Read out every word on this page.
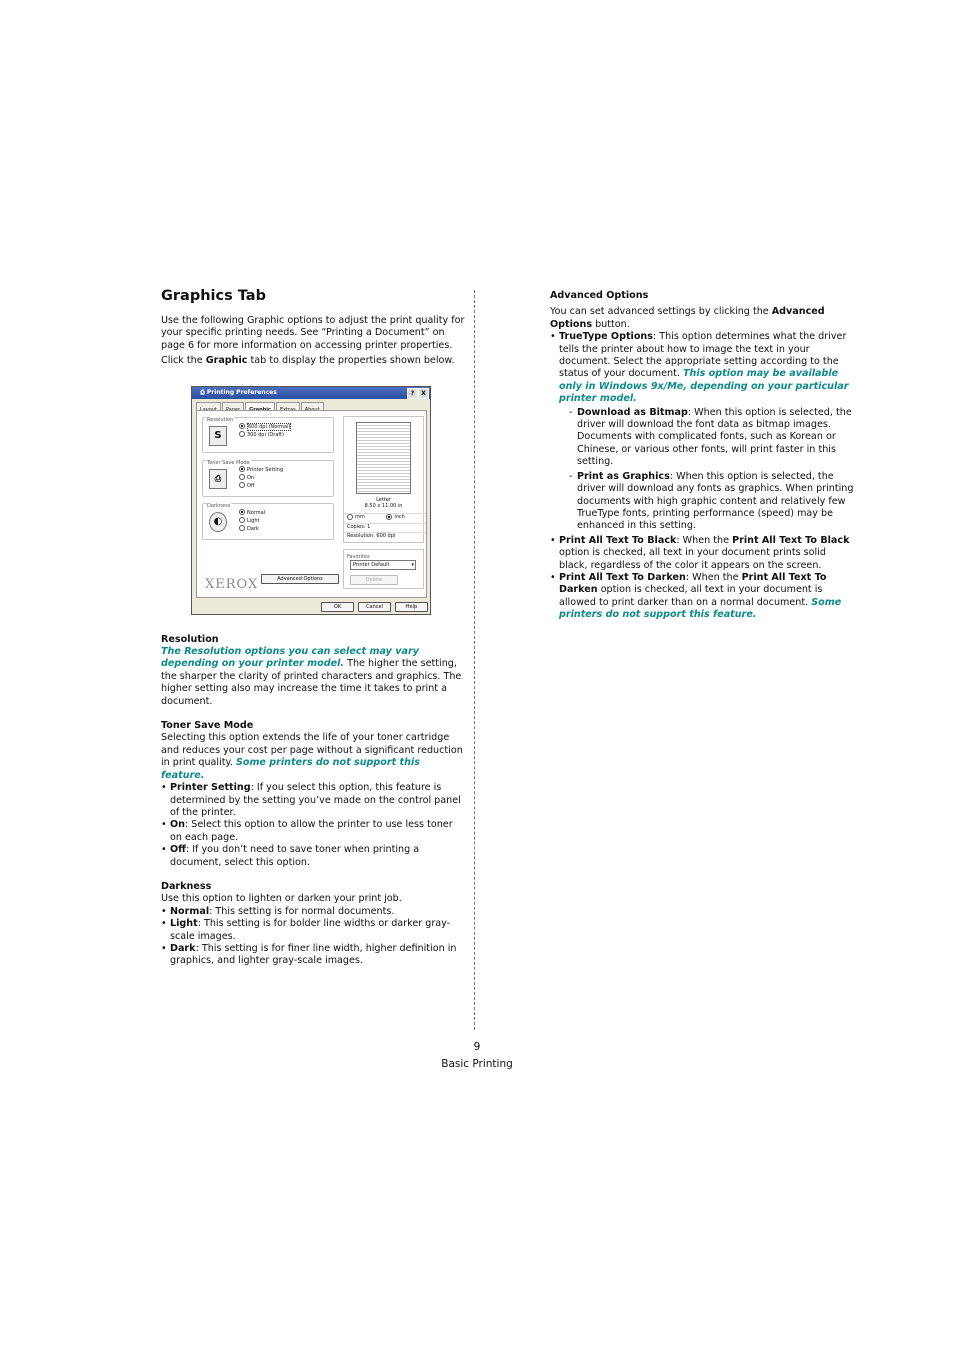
Graphics Tab

Use the following Graphic options to adjust the print quality for your specific printing needs. See “Printing a Document” on page 6 for more information on accessing printer properties.

Click the Graphic tab to display the properties shown below.

⎙ Printing Preferences	?	X
Resolution
S
600 dpi (Normal)
300 dpi (Draft)
Toner Save Mode
⎙
Printer Setting
On
Off
Darkness
◐
Normal
Light
Dark
Letter
8.50 x 11.00 in
mm	inch
Copies: 1
Resolution: 600 dpi
Favorites
Printer Default	▾
Delete
Advanced Options
XEROX
OK	Cancel	Help
Resolution

The Resolution options you can select may vary depending on your printer model. The higher the setting, the sharper the clarity of printed characters and graphics. The higher setting also may increase the time it takes to print a document.

Toner Save Mode

Selecting this option extends the life of your toner cartridge and reduces your cost per page without a significant reduction in print quality. Some printers do not support this feature.

• Printer Setting: If you select this option, this feature is determined by the setting you’ve made on the control panel of the printer.
• On: Select this option to allow the printer to use less toner on each page.
• Off: If you don’t need to save toner when printing a document, select this option.
Darkness

Use this option to lighten or darken your print job.

• Normal: This setting is for normal documents.
• Light: This setting is for bolder line widths or darker gray-scale images.
• Dark: This setting is for finer line width, higher definition in graphics, and lighter gray-scale images.
Advanced Options

You can set advanced settings by clicking the Advanced Options button.

• TrueType Options: This option determines what the driver tells the printer about how to image the text in your document. Select the appropriate setting according to the status of your document. This option may be available only in Windows 9x/Me, depending on your particular printer model.
- Download as Bitmap: When this option is selected, the driver will download the font data as bitmap images. Documents with complicated fonts, such as Korean or Chinese, or various other fonts, will print faster in this setting.
- Print as Graphics: When this option is selected, the driver will download any fonts as graphics. When printing documents with high graphic content and relatively few TrueType fonts, printing performance (speed) may be enhanced in this setting.
• Print All Text To Black: When the Print All Text To Black option is checked, all text in your document prints solid black, regardless of the color it appears on the screen.
• Print All Text To Darken: When the Print All Text To Darken option is checked, all text in your document is allowed to print darker than on a normal document. Some printers do not support this feature.
9
Basic Printing
